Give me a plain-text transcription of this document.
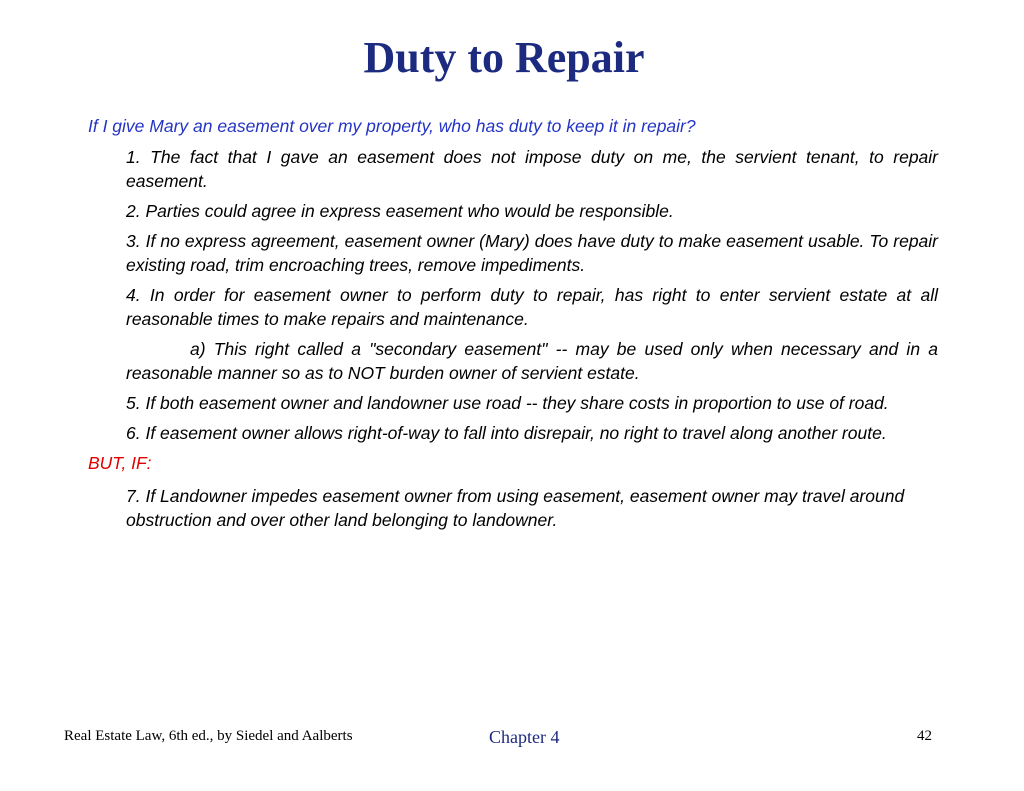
Duty to Repair

If I give Mary an easement over my property, who has duty to keep it in repair?

1. The fact that I gave an easement does not impose duty on me, the servient tenant, to repair easement.

2. Parties could agree in express easement who would be responsible.

3. If no express agreement, easement owner (Mary) does have duty to make easement usable. To repair existing road, trim encroaching trees, remove impediments.

4. In order for easement owner to perform duty to repair, has right to enter servient estate at all reasonable times to make repairs and maintenance.

a) This right called a "secondary easement" -- may be used only when necessary and in a reasonable manner so as to NOT burden owner of servient estate.

5. If both easement owner and landowner use road -- they share costs in proportion to use of road.

6. If easement owner allows right-of-way to fall into disrepair, no right to travel along another route.

BUT, IF:

7. If Landowner impedes easement owner from using easement, easement owner may travel around obstruction and over other land belonging to landowner.

Real Estate Law, 6th ed., by Siedel and Aalberts	Chapter 4	42
